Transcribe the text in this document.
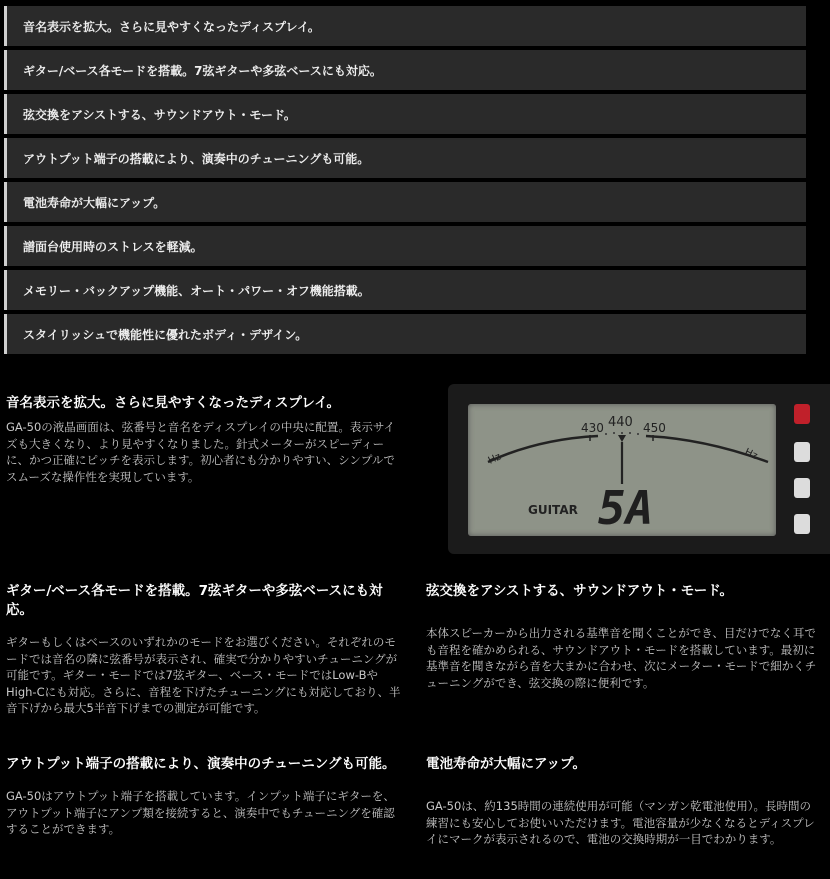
音名表示を拡大。さらに見やすくなったディスプレイ。
ギター/ベース各モードを搭載。7弦ギターや多弦ベースにも対応。
弦交換をアシストする、サウンドアウト・モード。
アウトプット端子の搭載により、演奏中のチューニングも可能。
電池寿命が大幅にアップ。
譜面台使用時のストレスを軽減。
メモリー・バックアップ機能、オート・パワー・オフ機能搭載。
スタイリッシュで機能性に優れたボディ・デザイン。
音名表示を拡大。さらに見やすくなったディスプレイ。

GA-50の液晶画面は、弦番号と音名をディスプレイの中央に配置。表示サイズも大きくなり、より見やすくなりました。針式メーターがスピーディーに、かつ正確にピッチを表示します。初心者にも分かりやすい、シンプルでスムーズな操作性を実現しています。

430 440 450
Hz	Hz
GUITAR 5A
ギター/ベース各モードを搭載。7弦ギターや多弦ベースにも対応。

ギターもしくはベースのいずれかのモードをお選びください。それぞれのモードでは音名の隣に弦番号が表示され、確実で分かりやすいチューニングが可能です。ギター・モードでは7弦ギター、ベース・モードではLow-BやHigh-Cにも対応。さらに、音程を下げたチューニングにも対応しており、半音下げから最大5半音下げまでの測定が可能です。

弦交換をアシストする、サウンドアウト・モード。

本体スピーカーから出力される基準音を聞くことができ、目だけでなく耳でも音程を確かめられる、サウンドアウト・モードを搭載しています。最初に基準音を聞きながら音を大まかに合わせ、次にメーター・モードで細かくチューニングができ、弦交換の際に便利です。

アウトプット端子の搭載により、演奏中のチューニングも可能。

GA-50はアウトプット端子を搭載しています。インプット端子にギターを、アウトプット端子にアンプ類を接続すると、演奏中でもチューニングを確認することができます。

電池寿命が大幅にアップ。

GA-50は、約135時間の連続使用が可能（マンガン乾電池使用）。長時間の練習にも安心してお使いいただけます。電池容量が少なくなるとディスプレイにマークが表示されるので、電池の交換時期が一目でわかります。
